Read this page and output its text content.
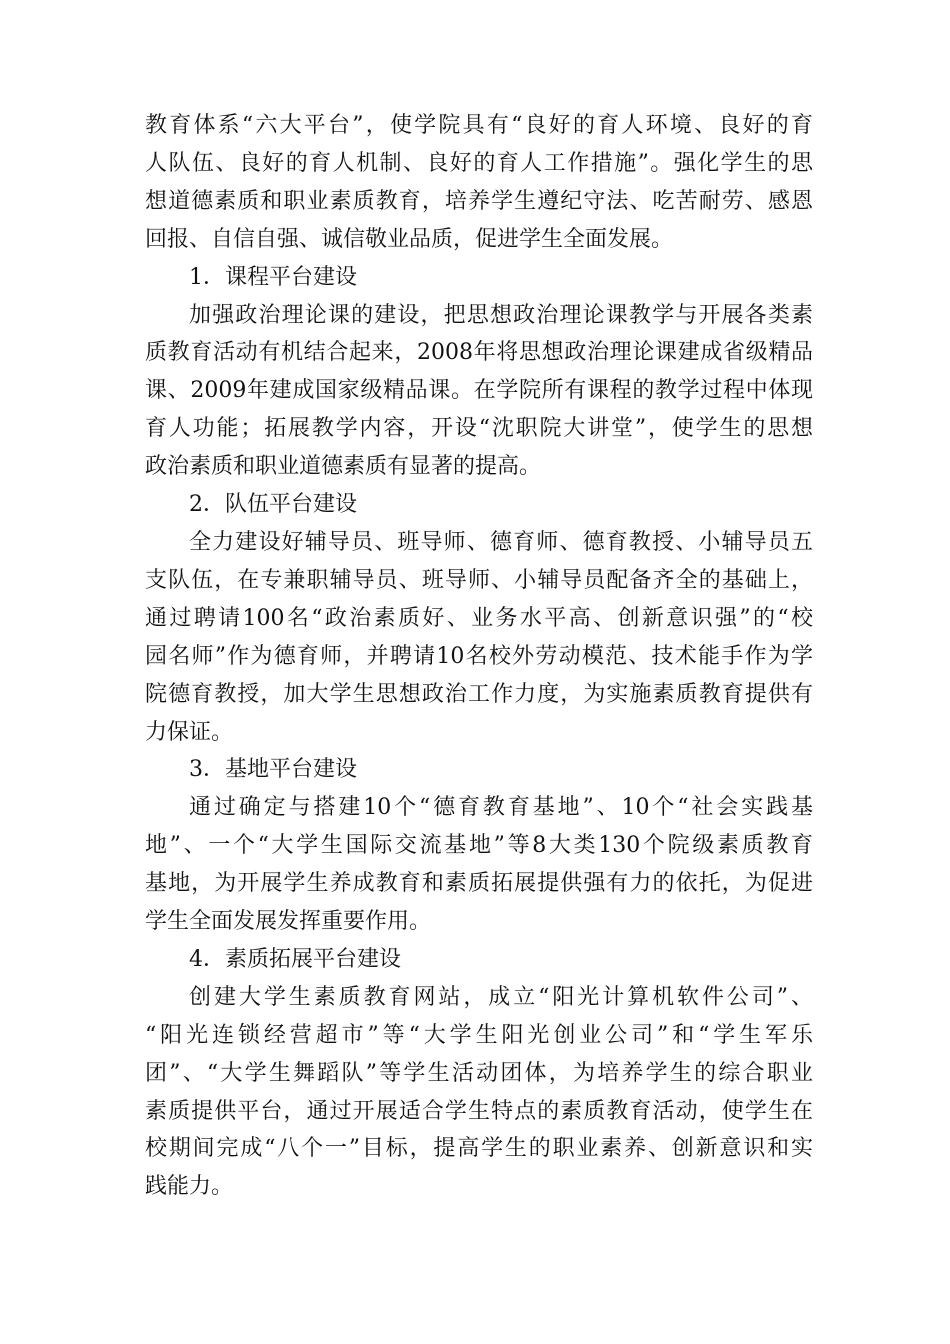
教育体系“六大平台”，使学院具有“良好的育人环境、良好的育
人队伍、良好的育人机制、良好的育人工作措施”。强化学生的思
想道德素质和职业素质教育，培养学生遵纪守法、吃苦耐劳、感恩
回报、自信自强、诚信敬业品质，促进学生全面发展。

1．课程平台建设

加强政治理论课的建设，把思想政治理论课教学与开展各类素
质教育活动有机结合起来，2008年将思想政治理论课建成省级精品
课、2009年建成国家级精品课。在学院所有课程的教学过程中体现
育人功能；拓展教学内容，开设“沈职院大讲堂”，使学生的思想
政治素质和职业道德素质有显著的提高。

2．队伍平台建设

全力建设好辅导员、班导师、德育师、德育教授、小辅导员五
支队伍，在专兼职辅导员、班导师、小辅导员配备齐全的基础上，
通过聘请100名“政治素质好、业务水平高、创新意识强”的“校
园名师”作为德育师，并聘请10名校外劳动模范、技术能手作为学
院德育教授，加大学生思想政治工作力度，为实施素质教育提供有
力保证。

3．基地平台建设

通过确定与搭建10个“德育教育基地”、10个“社会实践基
地”、一个“大学生国际交流基地”等8大类130个院级素质教育
基地，为开展学生养成教育和素质拓展提供强有力的依托，为促进
学生全面发展发挥重要作用。

4．素质拓展平台建设

创建大学生素质教育网站，成立“阳光计算机软件公司”、
“阳光连锁经营超市”等“大学生阳光创业公司”和“学生军乐
团”、“大学生舞蹈队”等学生活动团体，为培养学生的综合职业
素质提供平台，通过开展适合学生特点的素质教育活动，使学生在
校期间完成“八个一”目标，提高学生的职业素养、创新意识和实
践能力。
